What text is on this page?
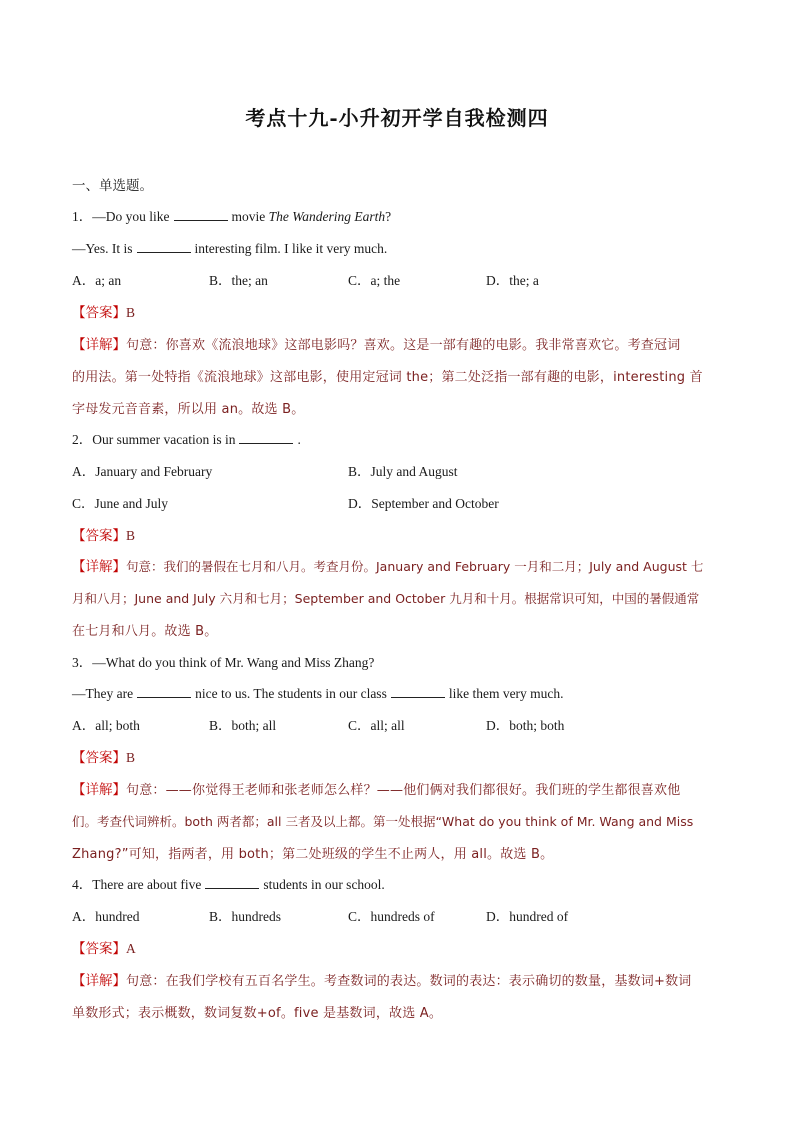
考点十九-小升初开学自我检测四
一、单选题。
1．—Do you like	movie The Wandering Earth?
—Yes. It is	interesting film. I like it very much.
A．a; an	B．the; an	C．a; the	D．the; a
【答案】B
【详解】句意：你喜欢《流浪地球》这部电影吗？喜欢。这是一部有趣的电影。我非常喜欢它。考查冠词
的用法。第一处特指《流浪地球》这部电影，使用定冠词 the；第二处泛指一部有趣的电影，interesting 首
字母发元音音素，所以用 an。故选 B。
2．Our summer vacation is in	.
A．January and February	B．July and August
C．June and July	D．September and October
【答案】B
【详解】句意：我们的暑假在七月和八月。考查月份。January and February 一月和二月；July and August 七
月和八月；June and July 六月和七月；September and October 九月和十月。根据常识可知，中国的暑假通常
在七月和八月。故选 B。
3．—What do you think of Mr. Wang and Miss Zhang?
—They are	nice to us. The students in our class	like them very much.
A．all; both	B．both; all	C．all; all	D．both; both
【答案】B
【详解】句意：——你觉得王老师和张老师怎么样？——他们俩对我们都很好。我们班的学生都很喜欢他
们。考查代词辨析。both 两者都；all 三者及以上都。第一处根据“What do you think of Mr. Wang and Miss
Zhang?”可知，指两者，用 both；第二处班级的学生不止两人，用 all。故选 B。
4．There are about five	students in our school.
A．hundred	B．hundreds	C．hundreds of	D．hundred of
【答案】A
【详解】句意：在我们学校有五百名学生。考查数词的表达。数词的表达：表示确切的数量，基数词+数词
单数形式；表示概数，数词复数+of。five 是基数词，故选 A。
